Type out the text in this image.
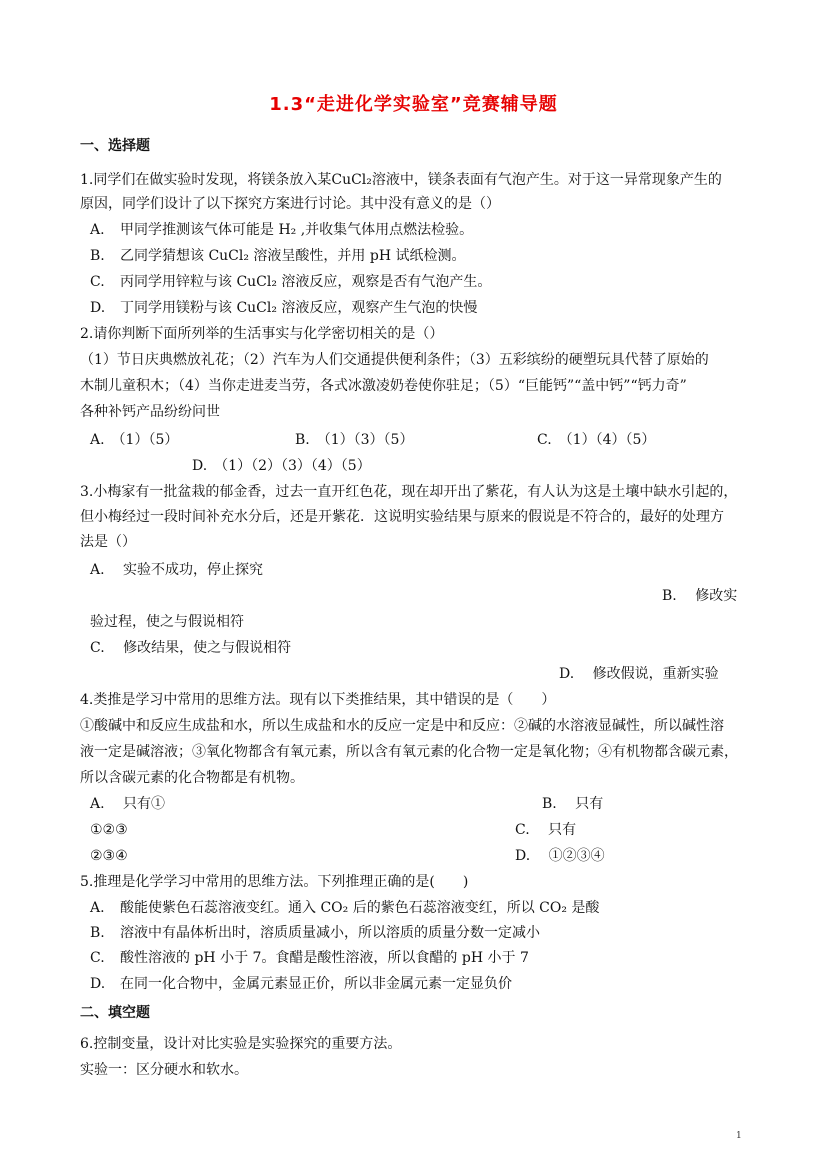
1.3“走进化学实验室”竞赛辅导题
一、选择题
1.同学们在做实验时发现，将镁条放入某CuCl₂溶液中，镁条表面有气泡产生。对于这一异常现象产生的
原因，同学们设计了以下探究方案进行讨论。其中没有意义的是（）
A. 甲同学推测该气体可能是 H₂ ,并收集气体用点燃法检验。
B. 乙同学猜想该 CuCl₂ 溶液呈酸性，并用 pH 试纸检测。
C. 丙同学用锌粒与该 CuCl₂ 溶液反应，观察是否有气泡产生。
D. 丁同学用镁粉与该 CuCl₂ 溶液反应，观察产生气泡的快慢
2.请你判断下面所列举的生活事实与化学密切相关的是（）
（1）节日庆典燃放礼花；（2）汽车为人们交通提供便利条件；（3）五彩缤纷的硬塑玩具代替了原始的
木制儿童积木；（4）当你走进麦当劳，各式冰激凌奶卷使你驻足；（5）“巨能钙”“盖中钙”“钙力奇”
各种补钙产品纷纷问世
A.　（1）（5）	B.　（1）（3）（5）	C.　（1）（4）（5）
D.　（1）（2）（3）（4）（5）
3.小梅家有一批盆栽的郁金香，过去一直开红色花，现在却开出了紫花，有人认为这是土壤中缺水引起的，
但小梅经过一段时间补充水分后，还是开紫花．这说明实验结果与原来的假说是不符合的，最好的处理方
法是（）
A.　 实验不成功，停止探究
B.　 修改实
验过程，使之与假说相符
C.　 修改结果，使之与假说相符
D.　 修改假说，重新实验
4.类推是学习中常用的思维方法。现有以下类推结果，其中错误的是（　　）
①酸碱中和反应生成盐和水，所以生成盐和水的反应一定是中和反应：②碱的水溶液显碱性，所以碱性溶
液一定是碱溶液；③氧化物都含有氧元素，所以含有氧元素的化合物一定是氧化物；④有机物都含碳元素，
所以含碳元素的化合物都是有机物。
A.　 只有①	B.　 只有
①②③	C.　 只有
②③④	D.　 ①②③④
5.推理是化学学习中常用的思维方法。下列推理正确的是(　　)
A. 酸能使紫色石蕊溶液变红。通入 CO₂ 后的紫色石蕊溶液变红，所以 CO₂ 是酸
B. 溶液中有晶体析出时，溶质质量减小，所以溶质的质量分数一定减小
C. 酸性溶液的 pH 小于 7。食醋是酸性溶液，所以食醋的 pH 小于 7
D. 在同一化合物中，金属元素显正价，所以非金属元素一定显负价
二、填空题
6.控制变量，设计对比实验是实验探究的重要方法。
实验一：区分硬水和软水。
1
